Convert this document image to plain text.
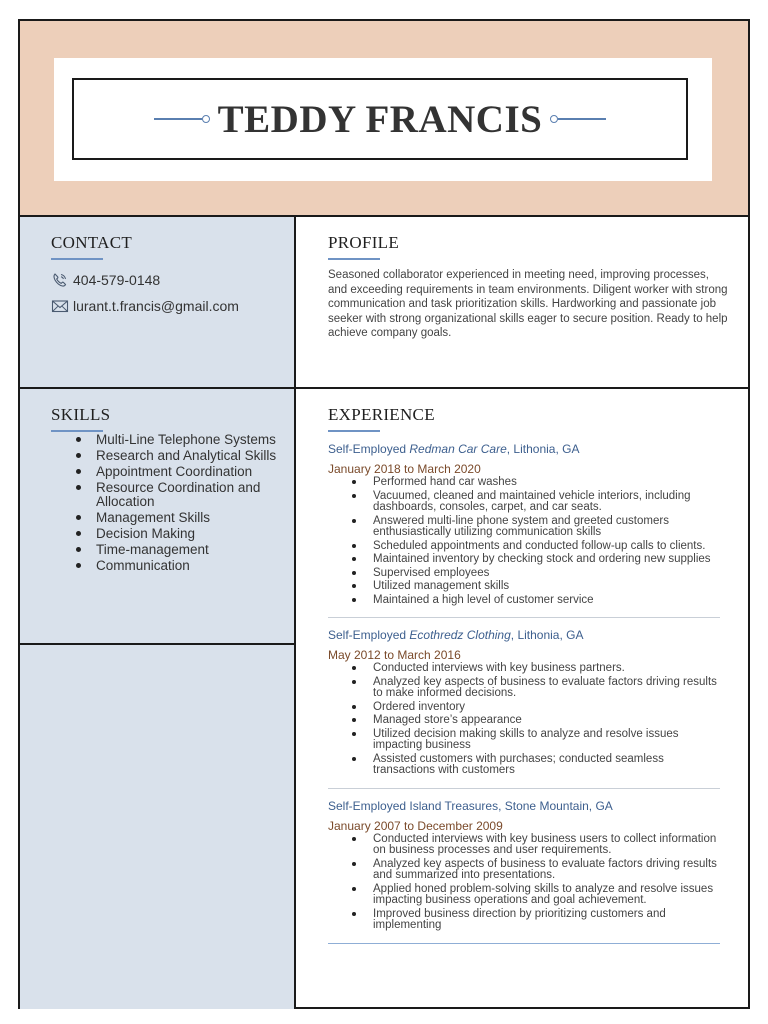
TEDDY FRANCIS
CONTACT
404-579-0148
lurant.t.francis@gmail.com
SKILLS
Multi-Line Telephone Systems
Research and Analytical Skills
Appointment Coordination
Resource Coordination and Allocation
Management Skills
Decision Making
Time-management
Communication
PROFILE

Seasoned collaborator experienced in meeting need, improving processes, and exceeding requirements in team environments. Diligent worker with strong communication and task prioritization skills. Hardworking and passionate job seeker with strong organizational skills eager to secure position. Ready to help achieve company goals.

EXPERIENCE
Self-Employed Redman Car Care, Lithonia, GA
January 2018 to March 2020
Performed hand car washes
Vacuumed, cleaned and maintained vehicle interiors, including dashboards, consoles, carpet, and car seats.
Answered multi-line phone system and greeted customers enthusiastically utilizing communication skills
Scheduled appointments and conducted follow-up calls to clients.
Maintained inventory by checking stock and ordering new supplies
Supervised employees
Utilized management skills
Maintained a high level of customer service
Self-Employed Ecothredz Clothing, Lithonia, GA
May 2012 to March 2016
Conducted interviews with key business partners.
Analyzed key aspects of business to evaluate factors driving results to make informed decisions.
Ordered inventory
Managed store’s appearance
Utilized decision making skills to analyze and resolve issues impacting business
Assisted customers with purchases; conducted seamless transactions with customers
Self-Employed Island Treasures, Stone Mountain, GA
January 2007 to December 2009
Conducted interviews with key business users to collect information on business processes and user requirements.
Analyzed key aspects of business to evaluate factors driving results and summarized into presentations.
Applied honed problem-solving skills to analyze and resolve issues impacting business operations and goal achievement.
Improved business direction by prioritizing customers and implementing
